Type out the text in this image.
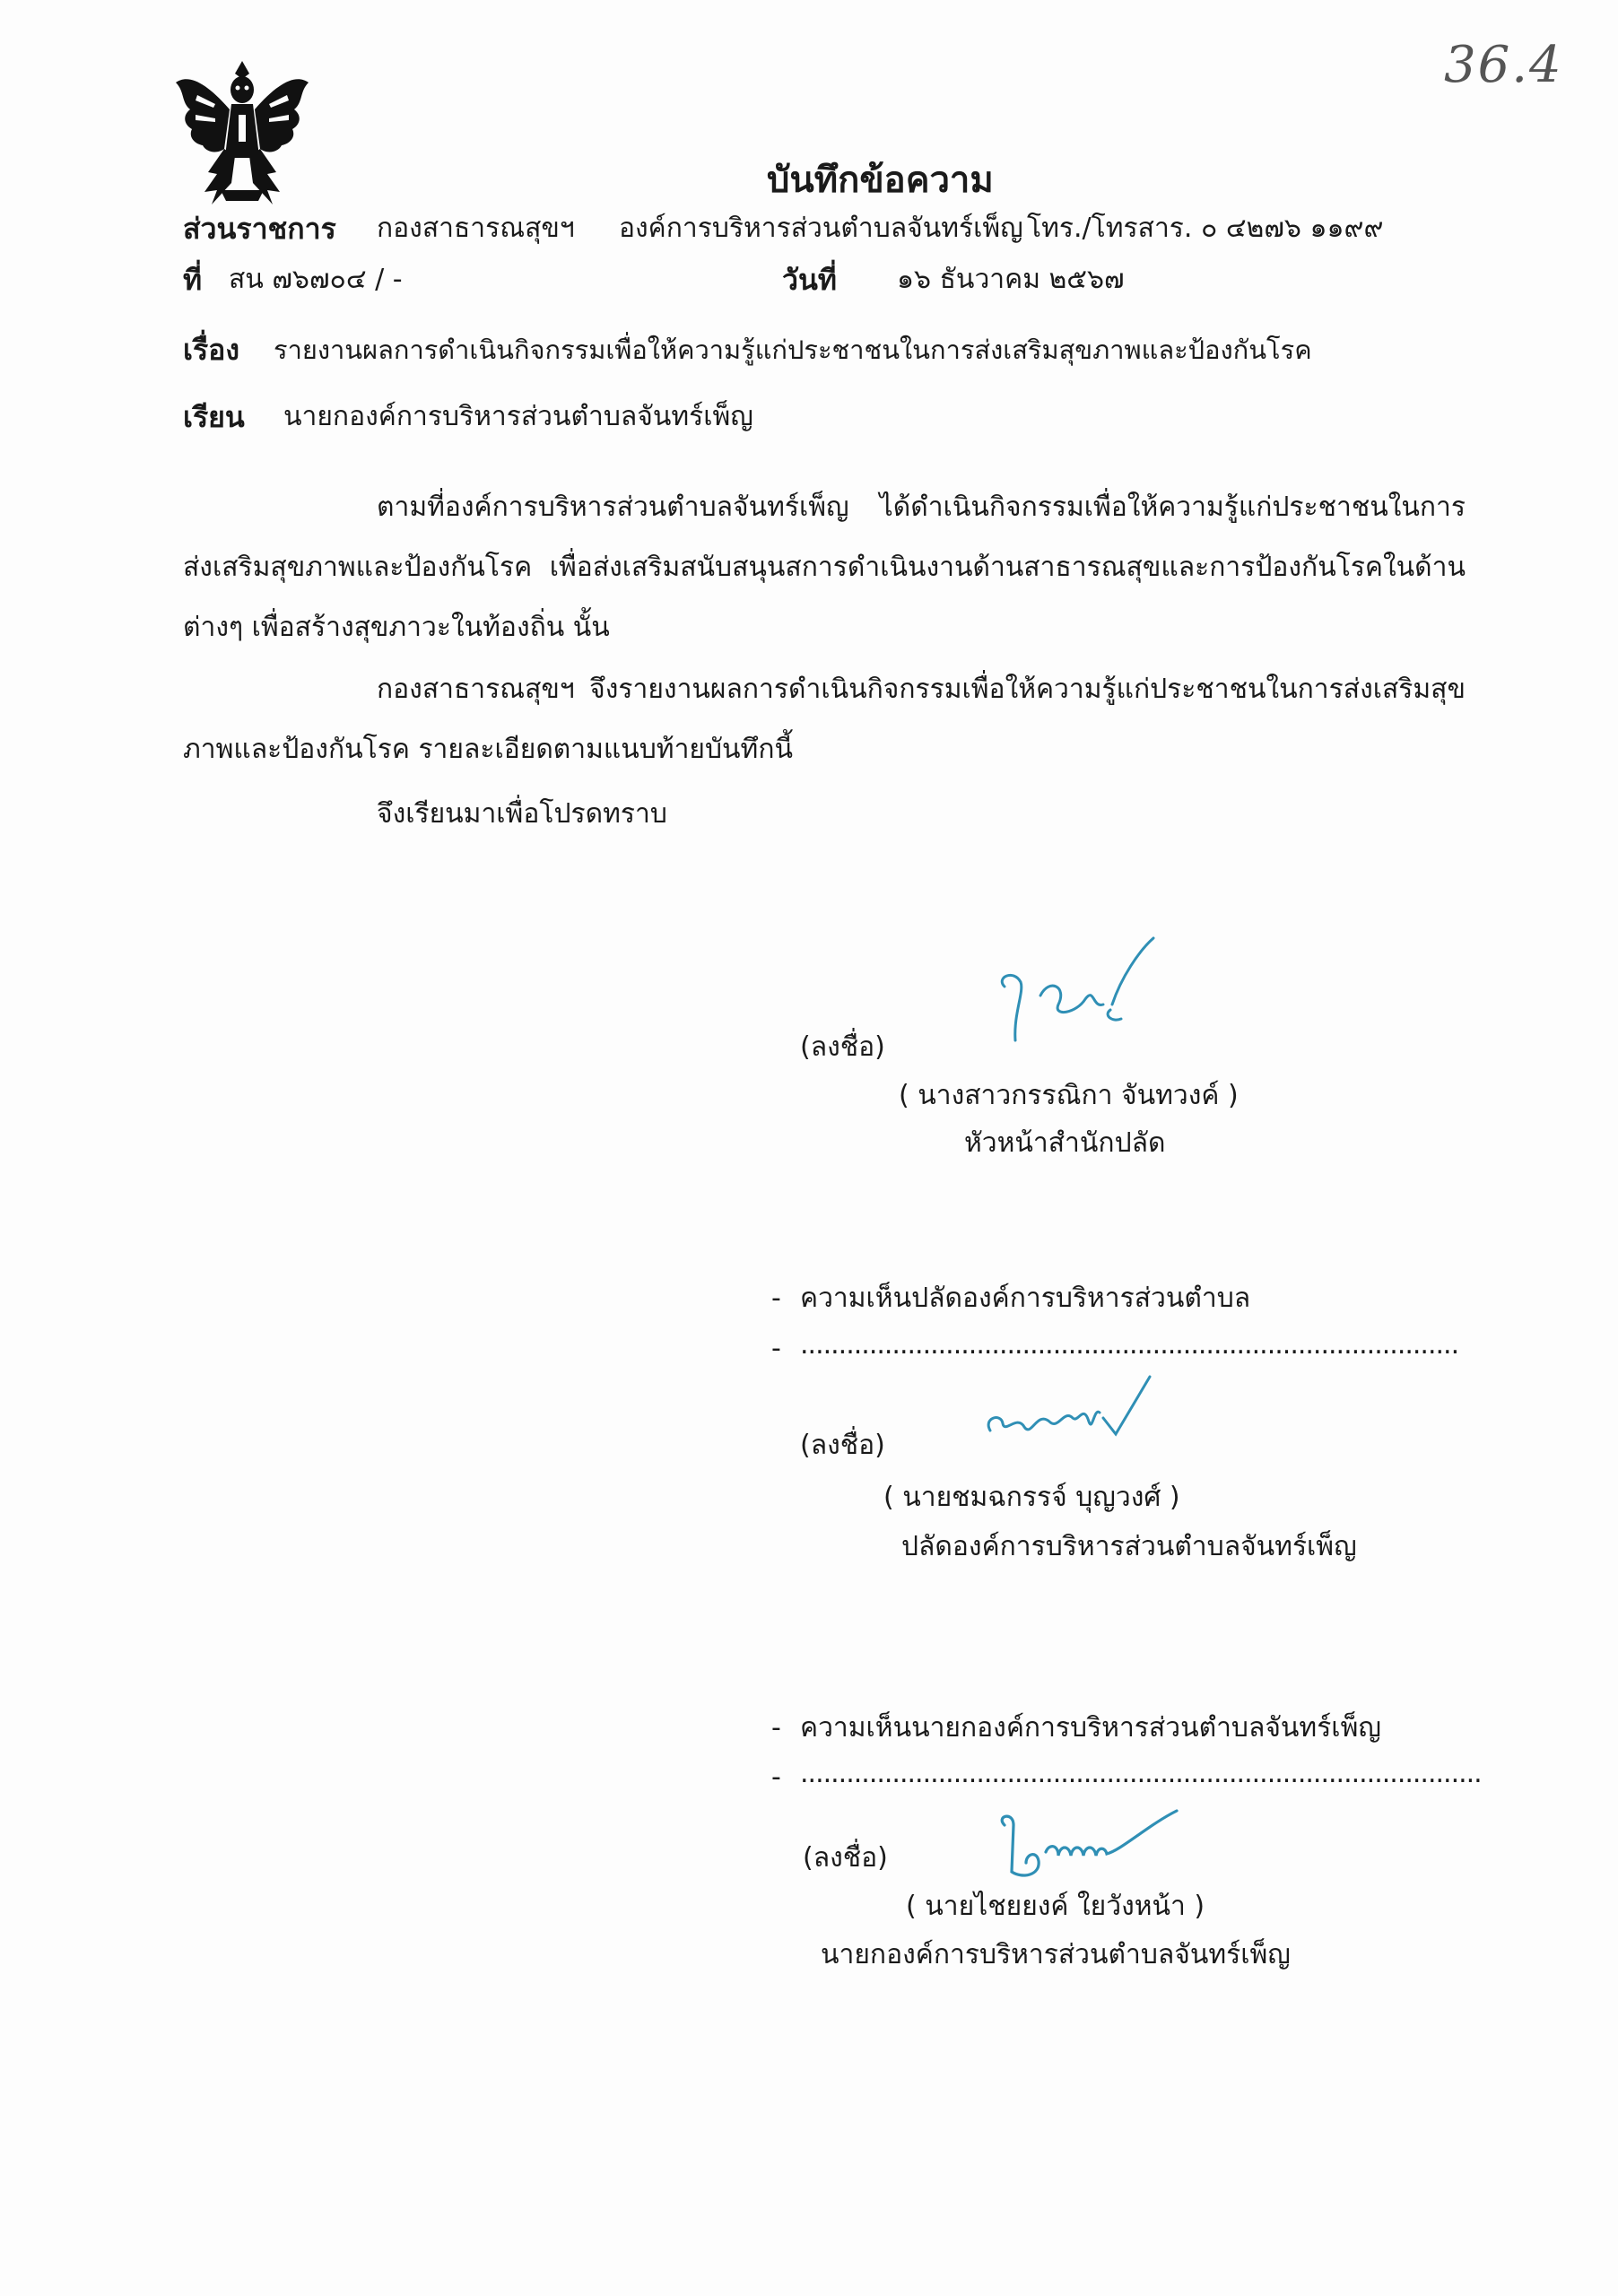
36.4
บันทึกข้อความ
ส่วนราชการ กองสาธารณสุขฯ องค์การบริหารส่วนตำบลจันทร์เพ็ญ โทร./โทรสาร. ๐ ๔๒๗๖ ๑๑๙๙
ที่ สน ๗๖๗๐๔ / -	วันที่ ๑๖ ธันวาคม ๒๕๖๗
เรื่อง รายงานผลการดำเนินกิจกรรมเพื่อให้ความรู้แก่ประชาชนในการส่งเสริมสุขภาพและป้องกันโรค
เรียน นายกองค์การบริหารส่วนตำบลจันทร์เพ็ญ
ตามที่องค์การบริหารส่วนตำบลจันทร์เพ็ญ ได้ดำเนินกิจกรรมเพื่อให้ความรู้แก่ประชาชนในการส่งเสริมสุขภาพและป้องกันโรค เพื่อส่งเสริมสนับสนุนสการดำเนินงานด้านสาธารณสุขและการป้องกันโรคในด้านต่างๆ เพื่อสร้างสุขภาวะในท้องถิ่น นั้น
กองสาธารณสุขฯ จึงรายงานผลการดำเนินกิจกรรมเพื่อให้ความรู้แก่ประชาชนในการส่งเสริมสุขภาพและป้องกันโรค รายละเอียดตามแนบท้ายบันทึกนี้
จึงเรียนมาเพื่อโปรดทราบ
(ลงชื่อ)
( นางสาวกรรณิกา จันทวงค์ )
หัวหน้าสำนักปลัด
- ความเห็นปลัดองค์การบริหารส่วนตำบล
- ......................................................................................
(ลงชื่อ)
( นายชมฉกรรจ์ บุญวงศ์ )
ปลัดองค์การบริหารส่วนตำบลจันทร์เพ็ญ
- ความเห็นนายกองค์การบริหารส่วนตำบลจันทร์เพ็ญ
- .........................................................................................
(ลงชื่อ)
( นายไชยยงค์ ใยวังหน้า )
นายกองค์การบริหารส่วนตำบลจันทร์เพ็ญ
